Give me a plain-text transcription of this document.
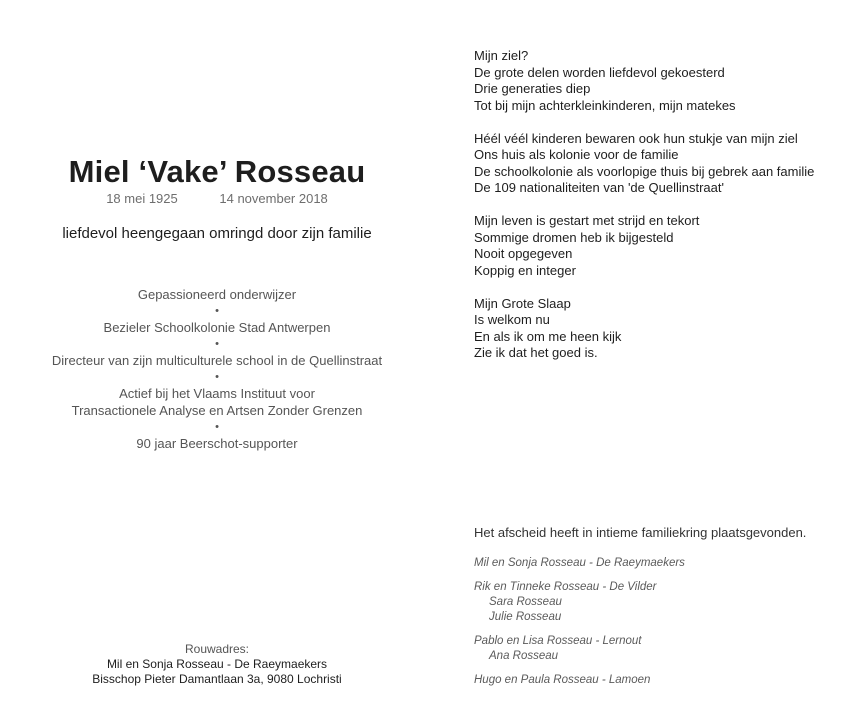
Miel ‘Vake’ Rosseau
18 mei 1925	14 november 2018
liefdevol heengegaan omringd door zijn familie
Gepassioneerd onderwijzer
•
Bezieler Schoolkolonie Stad Antwerpen
•
Directeur van zijn multiculturele school in de Quellinstraat
•
Actief bij het Vlaams Instituut voor
Transactionele Analyse en Artsen Zonder Grenzen
•
90 jaar Beerschot-supporter
Rouwadres:
Mil en Sonja Rosseau - De Raeymaekers
Bisschop Pieter Damantlaan 3a, 9080 Lochristi
Mijn ziel?
De grote delen worden liefdevol gekoesterd
Drie generaties diep
Tot bij mijn achterkleinkinderen, mijn matekes
Héél véél kinderen bewaren ook hun stukje van mijn ziel
Ons huis als kolonie voor de familie
De schoolkolonie als voorlopige thuis bij gebrek aan familie
De 109 nationaliteiten van 'de Quellinstraat'
Mijn leven is gestart met strijd en tekort
Sommige dromen heb ik bijgesteld
Nooit opgegeven
Koppig en integer
Mijn Grote Slaap
Is welkom nu
En als ik om me heen kijk
Zie ik dat het goed is.
Het afscheid heeft in intieme familiekring plaatsgevonden.
Mil en Sonja Rosseau - De Raeymaekers
Rik en Tinneke Rosseau - De Vilder
Sara Rosseau
Julie Rosseau
Pablo en Lisa Rosseau - Lernout
Ana Rosseau
Hugo en Paula Rosseau - Lamoen
